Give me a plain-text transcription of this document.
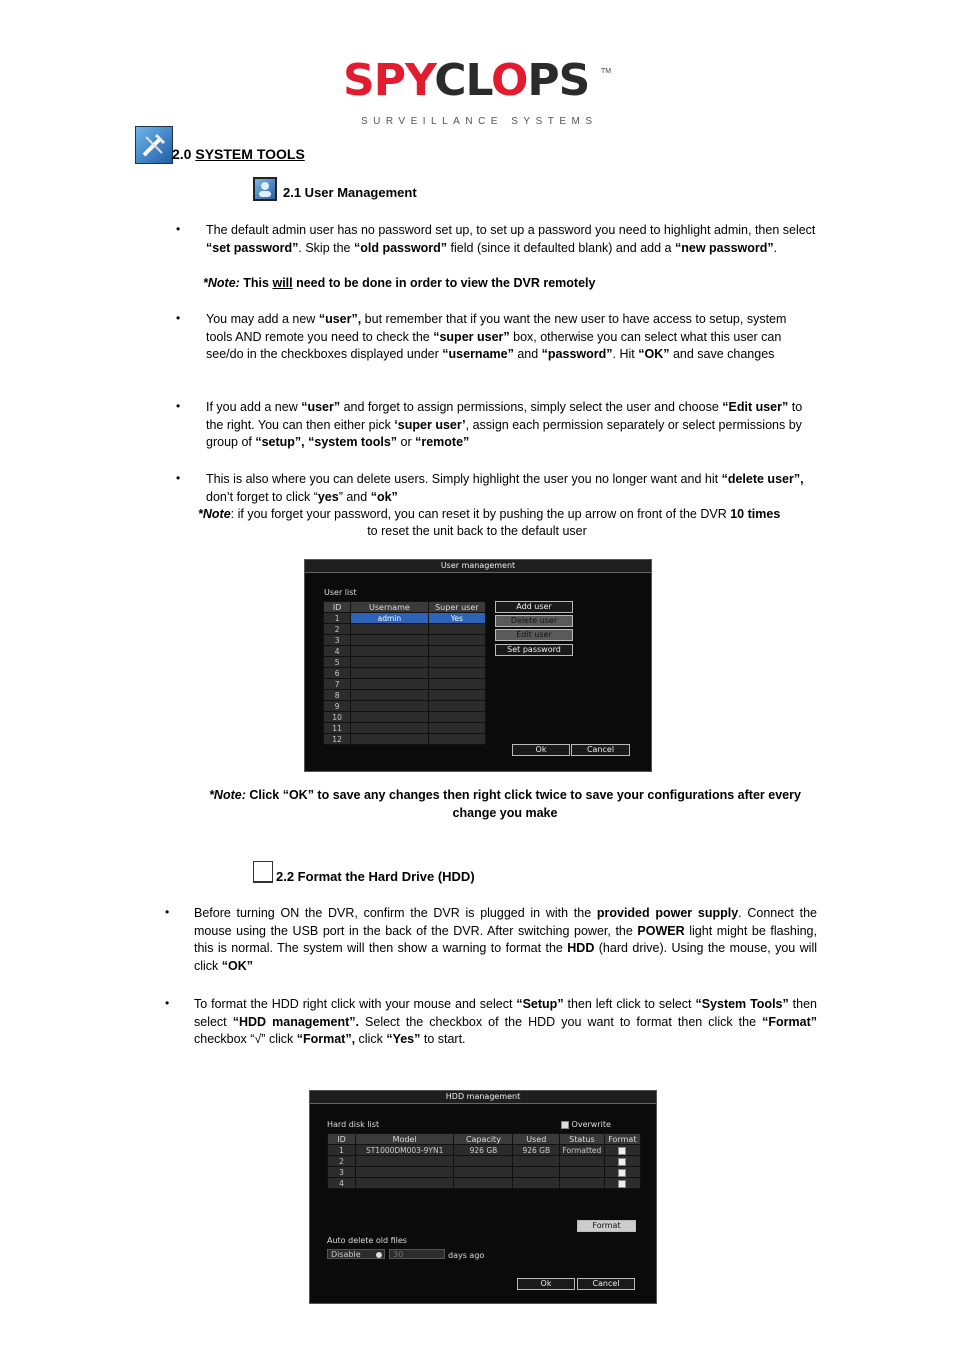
SPYCLOPS TM
SURVEILLANCE SYSTEMS
2.0 SYSTEM TOOLS
2.1 User Management
• The default admin user has no password set up, to set up a password you need to highlight admin, then select “set password”. Skip the “old password” field (since it defaulted blank) and add a “new password”.
*Note: This will need to be done in order to view the DVR remotely
• You may add a new “user”, but remember that if you want the new user to have access to setup, system tools AND remote you need to check the “super user” box, otherwise you can select what this user can see/do in the checkboxes displayed under “username” and “password”. Hit “OK” and save changes
• If you add a new “user” and forget to assign permissions, simply select the user and choose “Edit user” to the right. You can then either pick ‘super user’, assign each permission separately or select permissions by group of “setup”, “system tools” or “remote”
• This is also where you can delete users. Simply highlight the user you no longer want and hit “delete user”, don’t forget to click “yes” and “ok”
*Note: if you forget your password, you can reset it by pushing the up arrow on front of the DVR 10 times
to reset the unit back to the default user
User management
User list
ID	Username	Super user
1	admin	Yes
2		
3		
4		
5		
6		
7		
8		
9		
10		
11		
12		
Add user
Delete user
Edit user
Set password
Ok	Cancel
*Note: Click “OK” to save any changes then right click twice to save your configurations after every
change you make
2.2 Format the Hard Drive (HDD)
• Before turning ON the DVR, confirm the DVR is plugged in with the provided power supply. Connect the mouse using the USB port in the back of the DVR. After switching power, the POWER light might be flashing, this is normal. The system will then show a warning to format the HDD (hard drive). Using the mouse, you will click “OK”
• To format the HDD right click with your mouse and select “Setup” then left click to select “System Tools” then select “HDD management”. Select the checkbox of the HDD you want to format then click the “Format” checkbox “√” click “Format”, click “Yes” to start.
HDD management
Hard disk list	Overwrite
ID	Model	Capacity	Used	Status	Format
1	ST1000DM003-9YN1	926 GB	926 GB	Formatted	
2					
3					
4					
Format
Auto delete old files
Disable	30	days ago
Ok	Cancel
